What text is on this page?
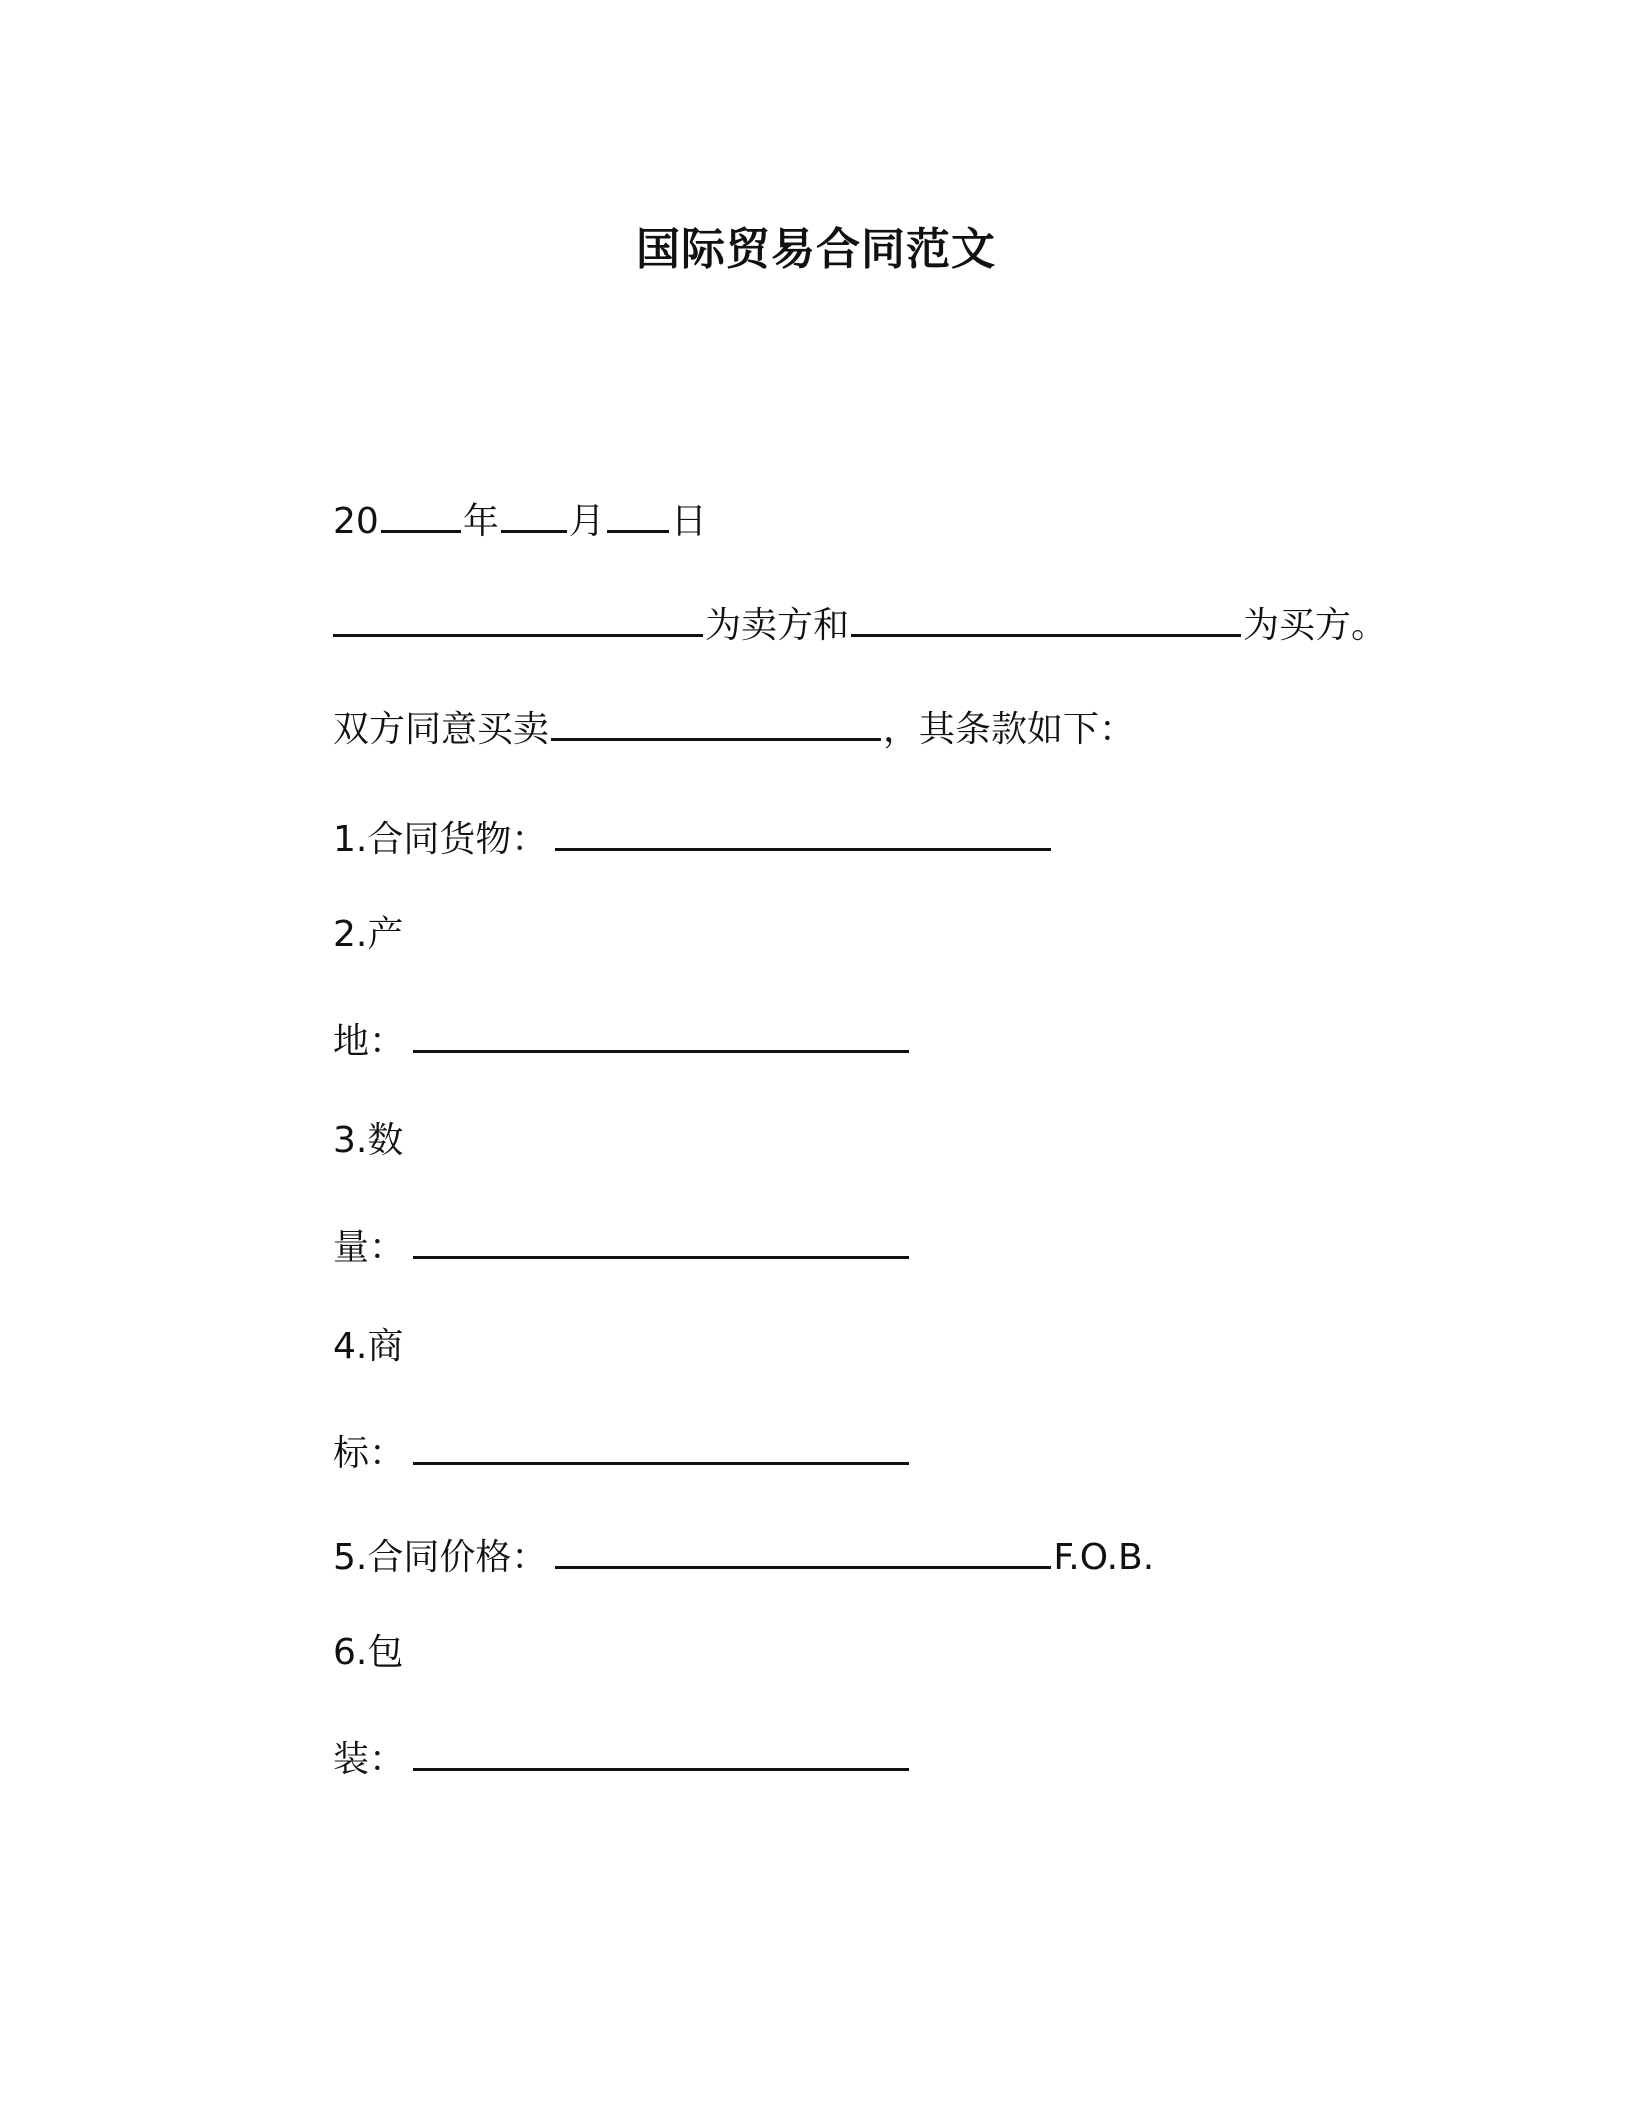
国际贸易合同范文
20 年 月 日
为卖方和	为买方。
双方同意买卖	，其条款如下：
1.合同货物：
2.产
地：
3.数
量：
4.商
标：
5.合同价格：	F.O.B.
6.包
装：
